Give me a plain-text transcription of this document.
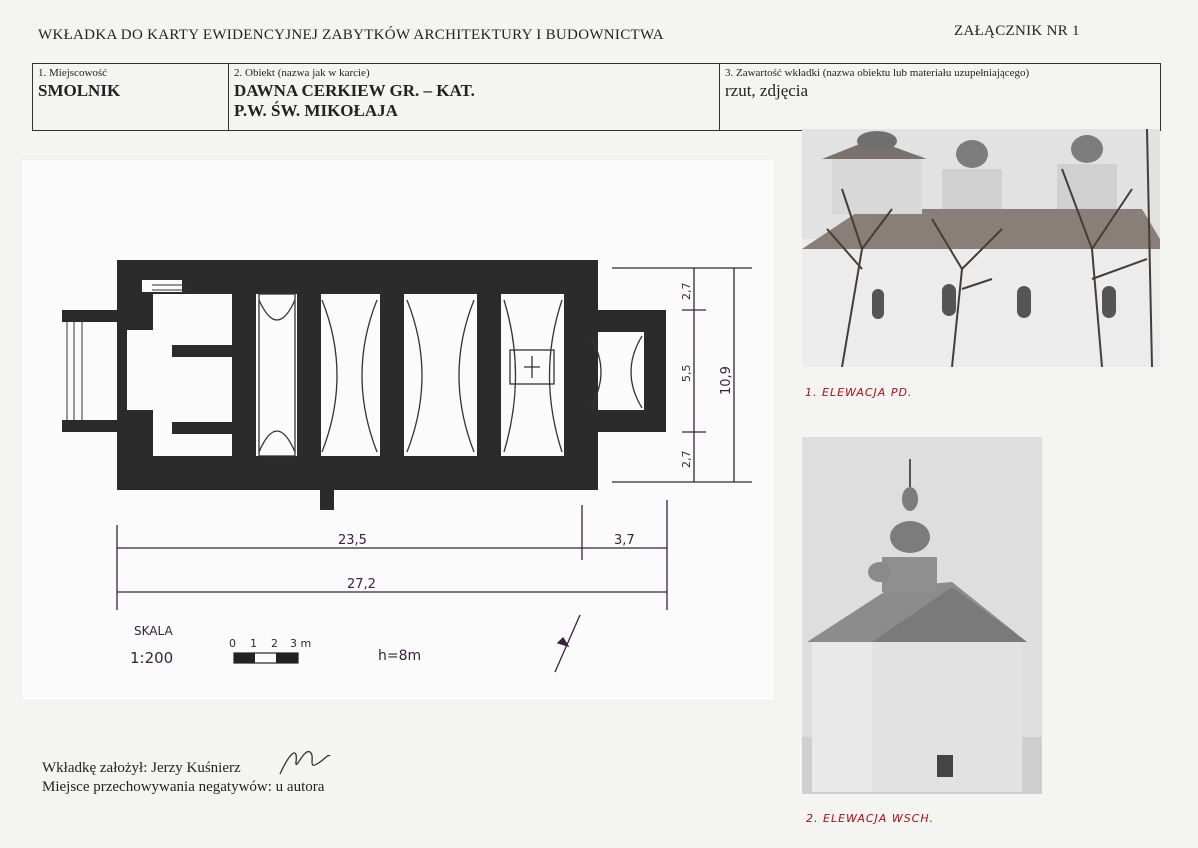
WKŁADKA DO KARTY EWIDENCYJNEJ ZABYTKÓW ARCHITEKTURY I BUDOWNICTWA	ZAŁĄCZNIK NR 1
1. Miejscowość
SMOLNIK
2. Obiekt (nazwa jak w karcie)
DAWNA CERKIEW GR. – KAT.
P.W. ŚW. MIKOŁAJA
3. Zawartość wkładki (nazwa obiektu lub materiału uzupełniającego)
rzut, zdjęcia
23,5	3,7
27,2
2,7
5,5
2,7
10,9
SKALA
1:200
0 1 2 3 m
h=8m
1. ELEWACJA PD.
2. ELEWACJA WSCH.
Wkładkę założył: Jerzy Kuśnierz
Miejsce przechowywania negatywów: u autora
